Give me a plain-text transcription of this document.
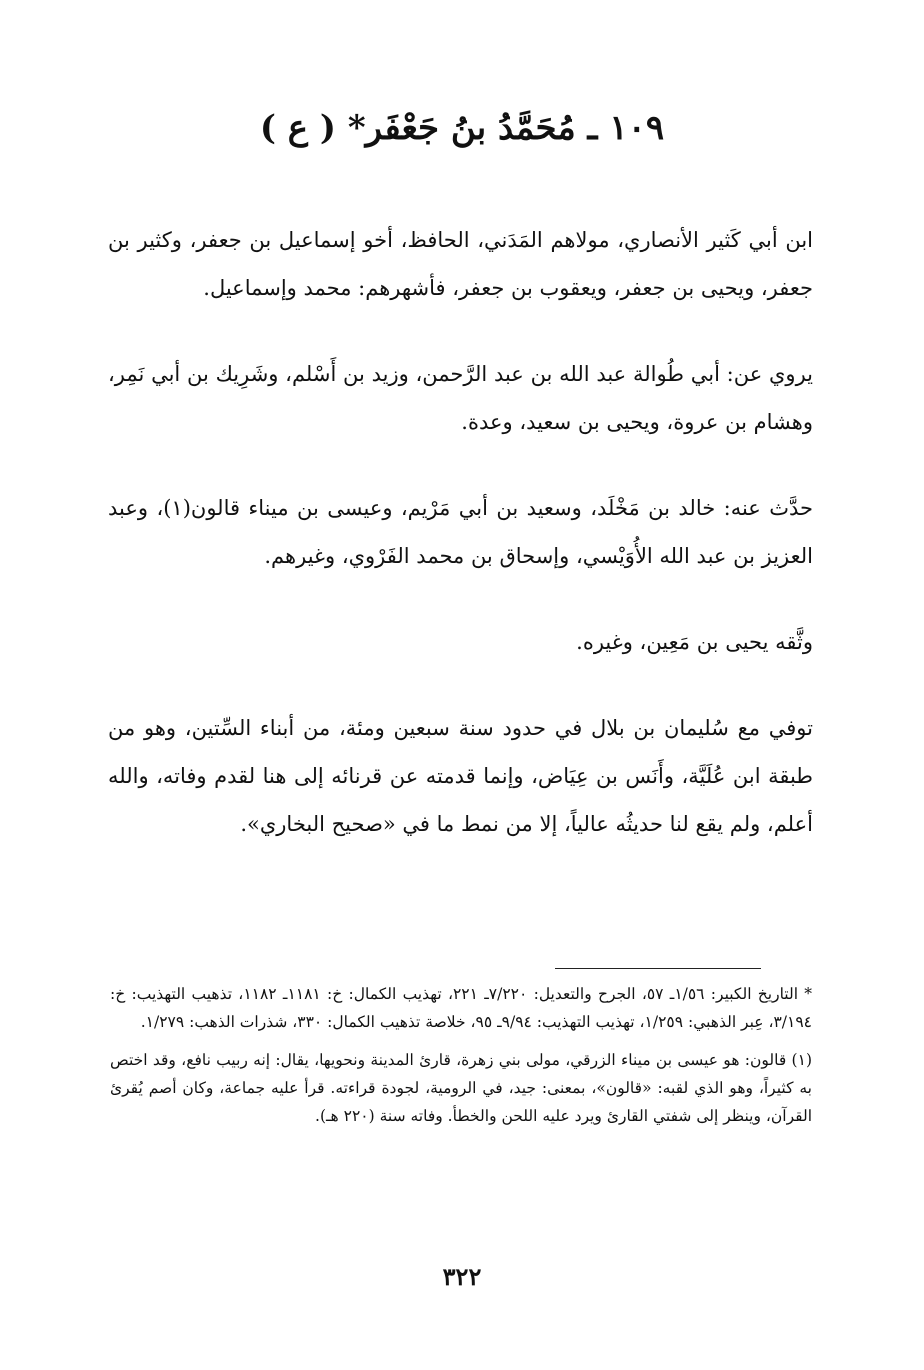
١٠٩ ـ مُحَمَّدُ بنُ جَعْفَر* ( ع )

ابن أبي كَثير الأنصاري، مولاهم المَدَني، الحافظ، أخو إسماعيل بن جعفر، وكثير بن جعفر، ويحيى بن جعفر، ويعقوب بن جعفر، فأشهرهم: محمد وإسماعيل.

يروي عن: أبي طُوالة عبد الله بن عبد الرَّحمن، وزيد بن أَسْلم، وشَرِيك بن أبي نَمِر، وهشام بن عروة، ويحيى بن سعيد، وعدة.

حدَّث عنه: خالد بن مَخْلَد، وسعيد بن أبي مَرْيم، وعيسى بن ميناء قالون(١)، وعبد العزيز بن عبد الله الأُوَيْسي، وإسحاق بن محمد الفَرْوي، وغيرهم.

وثَّقه يحيى بن مَعِين، وغيره.

توفي مع سُليمان بن بلال في حدود سنة سبعين ومئة، من أبناء السِّتين، وهو من طبقة ابن عُلَيَّة، وأَنَس بن عِيَاض، وإنما قدمته عن قرنائه إلى هنا لقدم وفاته، والله أعلم، ولم يقع لنا حديثُه عالياً، إلا من نمط ما في «صحيح البخاري».

* التاريخ الكبير: ١/٥٦ـ ٥٧، الجرح والتعديل: ٧/٢٢٠ـ ٢٢١، تهذيب الكمال: خ: ١١٨١ـ ١١٨٢، تذهيب التهذيب: خ: ٣/١٩٤، عِبر الذهبي: ١/٢٥٩، تهذيب التهذيب: ٩/٩٤ـ ٩٥، خلاصة تذهيب الكمال: ٣٣٠، شذرات الذهب: ١/٢٧٩.

(١) قالون: هو عيسى بن ميناء الزرقي، مولى بني زهرة، قارئ المدينة ونحويها، يقال: إنه ربيب نافع، وقد اختص به كثيراً، وهو الذي لقبه: «قالون»، بمعنى: جيد، في الرومية، لجودة قراءته. قرأ عليه جماعة، وكان أصم يُقرئ القرآن، وينظر إلى شفتي القارئ ويرد عليه اللحن والخطأ. وفاته سنة (٢٢٠ هـ).

٣٢٢
